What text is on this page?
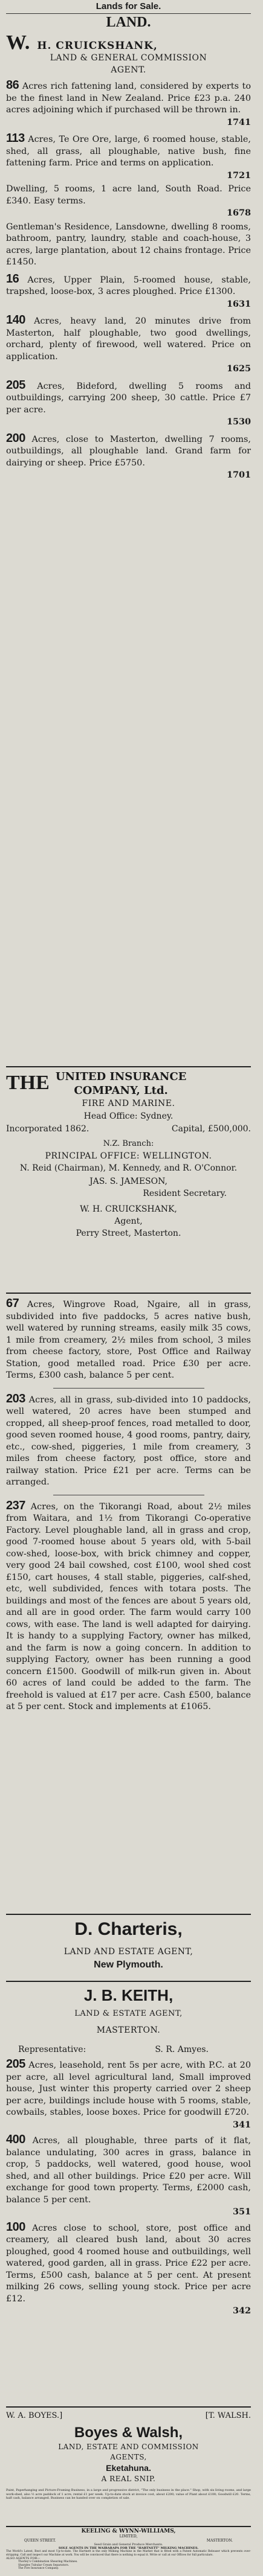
Lands for Sale.
LAND.
W. H. CRUICKSHANK,
LAND & GENERAL COMMISSION
AGENT.
86 Acres rich fattening land, considered by experts to be the finest land in New Zealand. Price £23 p.a. 240 acres adjoining which if purchased will be thrown in.
1741
113 Acres, Te Ore Ore, large, 6 roomed house, stable, shed, all grass, all ploughable, native bush, fine fattening farm. Price and terms on application.
1721
Dwelling, 5 rooms, 1 acre land, South Road. Price £340. Easy terms.
1678
Gentleman's Residence, Lansdowne, dwelling 8 rooms, bathroom, pantry, laundry, stable and coach-house, 3 acres, large plantation, about 12 chains frontage. Price £1450.
16 Acres, Upper Plain, 5-roomed house, stable, trapshed, loose-box, 3 acres ploughed. Price £1300.
1631
140 Acres, heavy land, 20 minutes drive from Masterton, half ploughable, two good dwellings, orchard, plenty of firewood, well watered. Price on application.
1625
205 Acres, Bideford, dwelling 5 rooms and outbuildings, carrying 200 sheep, 30 cattle. Price £7 per acre.
1530
200 Acres, close to Masterton, dwelling 7 rooms, outbuildings, all ploughable land. Grand farm for dairying or sheep. Price £5750.
1701
THE UNITED INSURANCE
COMPANY, Ltd.
FIRE AND MARINE.
Head Office: Sydney.
Incorporated 1862.	Capital, £500,000.
N.Z. Branch:
PRINCIPAL OFFICE: WELLINGTON.
N. Reid (Chairman), M. Kennedy, and R. O'Connor.
JAS. S. JAMESON,
Resident Secretary.
W. H. CRUICKSHANK,
Agent,
Perry Street, Masterton.
67 Acres, Wingrove Road, Ngaire, all in grass, subdivided into five paddocks, 5 acres native bush, well watered by running streams, easily milk 35 cows, 1 mile from creamery, 2½ miles from school, 3 miles from cheese factory, store, Post Office and Railway Station, good metalled road. Price £30 per acre. Terms, £300 cash, balance 5 per cent.
203 Acres, all in grass, sub-divided into 10 paddocks, well watered, 20 acres have been stumped and cropped, all sheep-proof fences, road metalled to door, good seven roomed house, 4 good rooms, pantry, dairy, etc., cow-shed, piggeries, 1 mile from creamery, 3 miles from cheese factory, post office, store and railway station. Price £21 per acre. Terms can be arranged.
237 Acres, on the Tikorangi Road, about 2½ miles from Waitara, and 1½ from Tikorangi Co-operative Factory. Level ploughable land, all in grass and crop, good 7-roomed house about 5 years old, with 5-bail cow-shed, loose-box, with brick chimney and copper, very good 24 bail cowshed, cost £100, wool shed cost £150, cart houses, 4 stall stable, piggeries, calf-shed, etc, well subdivided, fences with totara posts. The buildings and most of the fences are about 5 years old, and all are in good order. The farm would carry 100 cows, with ease. The land is well adapted for dairying. It is handy to a supplying Factory, owner has milked, and the farm is now a going concern. In addition to supplying Factory, owner has been running a good concern £1500. Goodwill of milk-run given in. About 60 acres of land could be added to the farm. The freehold is valued at £17 per acre. Cash £500, balance at 5 per cent. Stock and implements at £1065.
D. Charteris,
LAND AND ESTATE AGENT,
New Plymouth.
J. B. KEITH,
LAND & ESTATE AGENT,
MASTERTON.
Representative:	S. R. Amyes.
205 Acres, leasehold, rent 5s per acre, with P.C. at 20 per acre, all level agricultural land, Small improved house, Just winter this property carried over 2 sheep per acre, buildings include house with 5 rooms, stable, cowbails, stables, loose boxes. Price for goodwill £720.
341
400 Acres, all ploughable, three parts of it flat, balance undulating, 300 acres in grass, balance in crop, 5 paddocks, well watered, good house, wool shed, and all other buildings. Price £20 per acre. Will exchange for good town property. Terms, £2000 cash, balance 5 per cent.
351
100 Acres close to school, store, post office and creamery, all cleared bush land, about 30 acres ploughed, good 4 roomed house and outbuildings, well watered, good garden, all in grass. Price £22 per acre. Terms, £500 cash, balance at 5 per cent. At present milking 26 cows, selling young stock. Price per acre £12.
342
W. A. BOYES.]	[T. WALSH.
Boyes & Walsh,
LAND, ESTATE AND COMMISSION
AGENTS,
Eketahuna.
A REAL SNIP.
Paint, Paperhanging and Picture-Framing Business, in a large and progressive district, "The only business in the place." Shop, with six living rooms, and large work-shed, also ½ acre paddock of 1 acre, rental £1 per week. Up-to-date stock at invoice cost, about £200; value of Plant about £100; Goodwill £20. Terms, half cash, balance arranged. Business can be handed over on completion of sale.
KEELING & WYNN-WILLIAMS,
LIMITED,
QUEEN STREET.	MASTERTON.
Seed Grain and General Produce Merchants.
SOLE AGENTS IN THE WAIRARAPA FOR THE "HARTNETT" MILKING MACHINES.
The World's Latest, Best and most Up-to-date. The Hartnett is the only Milking Machine in the Market that is fitted with a Patent Automatic Releaser which prevents over-stripping. Call and inspect our Machine at work. You will be convinced that there is nothing to equal it. Write or call at our Offices for full particulars.
ALSO AGENTS FOR—
Thorley's Combination Shearing Machines.
Sharples Tubular Cream Separators.
The Fire Insurance Company.
